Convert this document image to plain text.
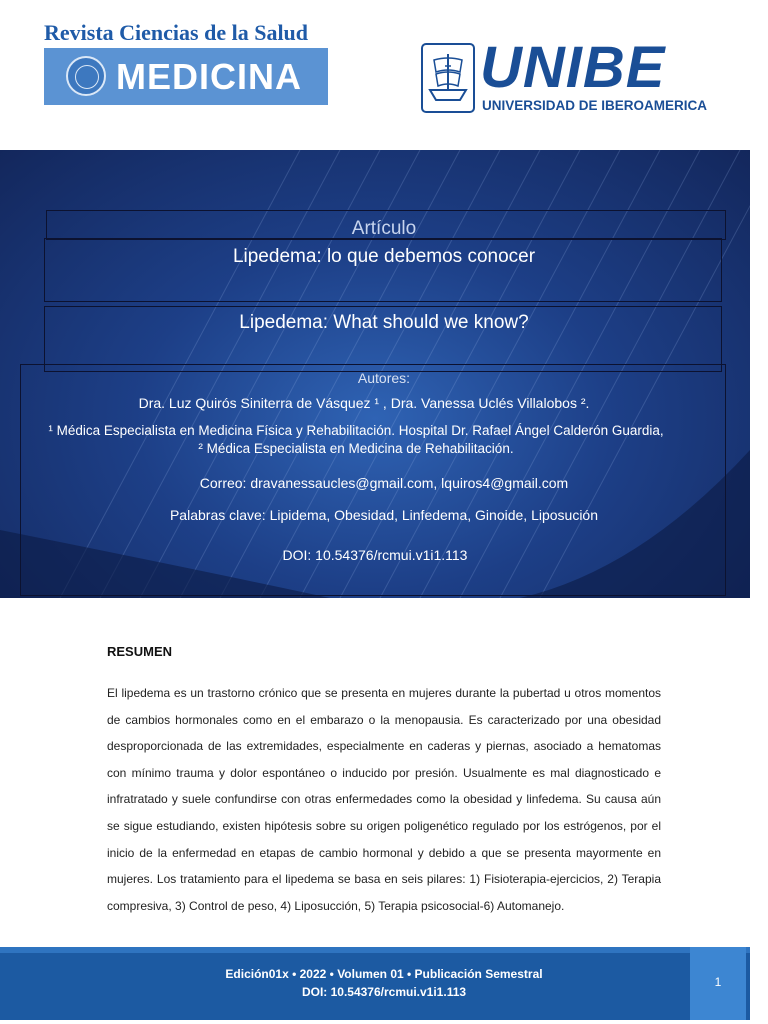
Revista Ciencias de la Salud
MEDICINA	UNIBE
UNIVERSIDAD DE IBEROAMERICA
Artículo
Lipedema: lo que debemos conocer
Lipedema: What should we know?
Autores:
Dra. Luz Quirós Siniterra de Vásquez ¹ , Dra. Vanessa Uclés Villalobos ².
¹ Médica Especialista en Medicina Física y Rehabilitación. Hospital Dr. Rafael Ángel Calderón Guardia, ² Médica Especialista en Medicina de Rehabilitación.
Correo: dravanessaucles@gmail.com, lquiros4@gmail.com
Palabras clave: Lipidema, Obesidad, Linfedema, Ginoide, Liposución
DOI: 10.54376/rcmui.v1i1.113
RESUMEN
El lipedema es un trastorno crónico que se presenta en mujeres durante la pubertad u otros momentos de cambios hormonales como en el embarazo o la menopausia. Es caracterizado por una obesidad desproporcionada de las extremidades, especialmente en caderas y piernas, asociado a hematomas con mínimo trauma y dolor espontáneo o inducido por presión. Usualmente es mal diagnosticado e infratratado y suele confundirse con otras enfermedades como la obesidad y linfedema. Su causa aún se sigue estudiando, existen hipótesis sobre su origen poligenético regulado por los estrógenos, por el inicio de la enfermedad en etapas de cambio hormonal y debido a que se presenta mayormente en mujeres. Los tratamiento para el lipedema se basa en seis pilares: 1) Fisioterapia-ejercicios, 2) Terapia compresiva, 3) Control de peso, 4) Liposucción, 5) Terapia psicosocial-6) Automanejo.
Edición01x • 2022 • Volumen 01 • Publicación Semestral
DOI: 10.54376/rcmui.v1i1.113
1
